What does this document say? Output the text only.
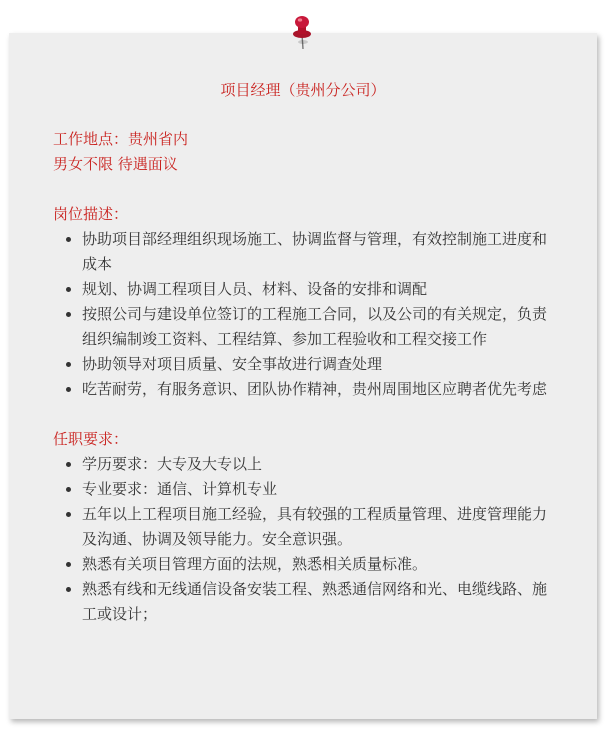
项目经理（贵州分公司）
工作地点：贵州省内
男女不限 待遇面议
岗位描述：
• 协助项目部经理组织现场施工、协调监督与管理，有效控制施工进度和成本
• 规划、协调工程项目人员、材料、设备的安排和调配
• 按照公司与建设单位签订的工程施工合同，以及公司的有关规定，负责组织编制竣工资料、工程结算、参加工程验收和工程交接工作
• 协助领导对项目质量、安全事故进行调查处理
• 吃苦耐劳，有服务意识、团队协作精神，贵州周围地区应聘者优先考虑
任职要求：
• 学历要求：大专及大专以上
• 专业要求：通信、计算机专业
• 五年以上工程项目施工经验，具有较强的工程质量管理、进度管理能力及沟通、协调及领导能力。安全意识强。
• 熟悉有关项目管理方面的法规，熟悉相关质量标准。
• 熟悉有线和无线通信设备安装工程、熟悉通信网络和光、电缆线路、施工或设计；
